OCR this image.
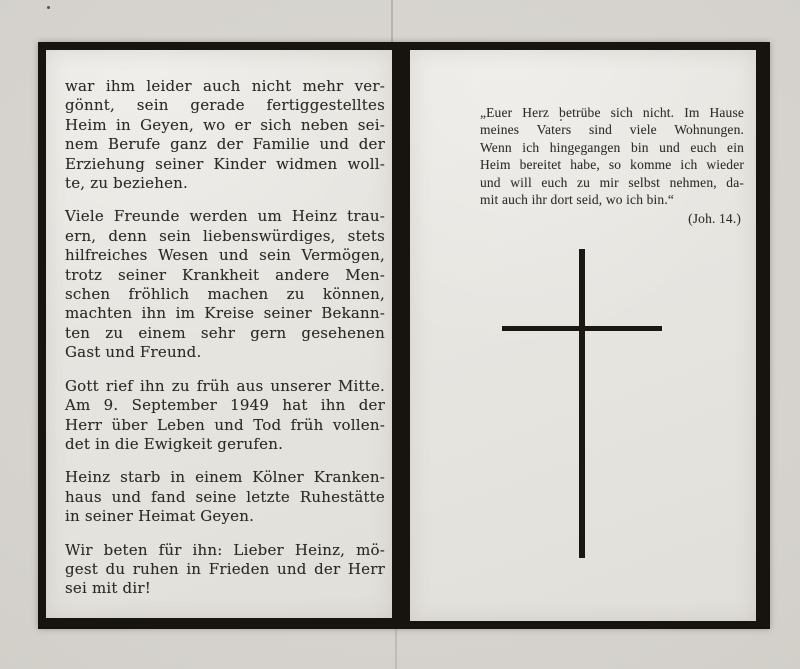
war ihm leider auch nicht mehr ver-
gönnt, sein gerade fertiggestelltes
Heim in Geyen, wo er sich neben sei-
nem Berufe ganz der Familie und der
Erziehung seiner Kinder widmen woll-
te, zu beziehen.
Viele Freunde werden um Heinz trau-
ern, denn sein liebenswürdiges, stets
hilfreiches Wesen und sein Vermögen,
trotz seiner Krankheit andere Men-
schen fröhlich machen zu können,
machten ihn im Kreise seiner Bekann-
ten zu einem sehr gern gesehenen
Gast und Freund.
Gott rief ihn zu früh aus unserer Mitte.
Am 9. September 1949 hat ihn der
Herr über Leben und Tod früh vollen-
det in die Ewigkeit gerufen.
Heinz starb in einem Kölner Kranken-
haus und fand seine letzte Ruhestätte
in seiner Heimat Geyen.
Wir beten für ihn: Lieber Heinz, mö-
gest du ruhen in Frieden und der Herr
sei mit dir!
„Euer Herz betrübe sich nicht. Im Hause
meines Vaters sind viele Wohnungen.
Wenn ich hingegangen bin und euch ein
Heim bereitet habe, so komme ich wieder
und will euch zu mir selbst nehmen, da-
mit auch ihr dort seid, wo ich bin.“
(Joh. 14.)
